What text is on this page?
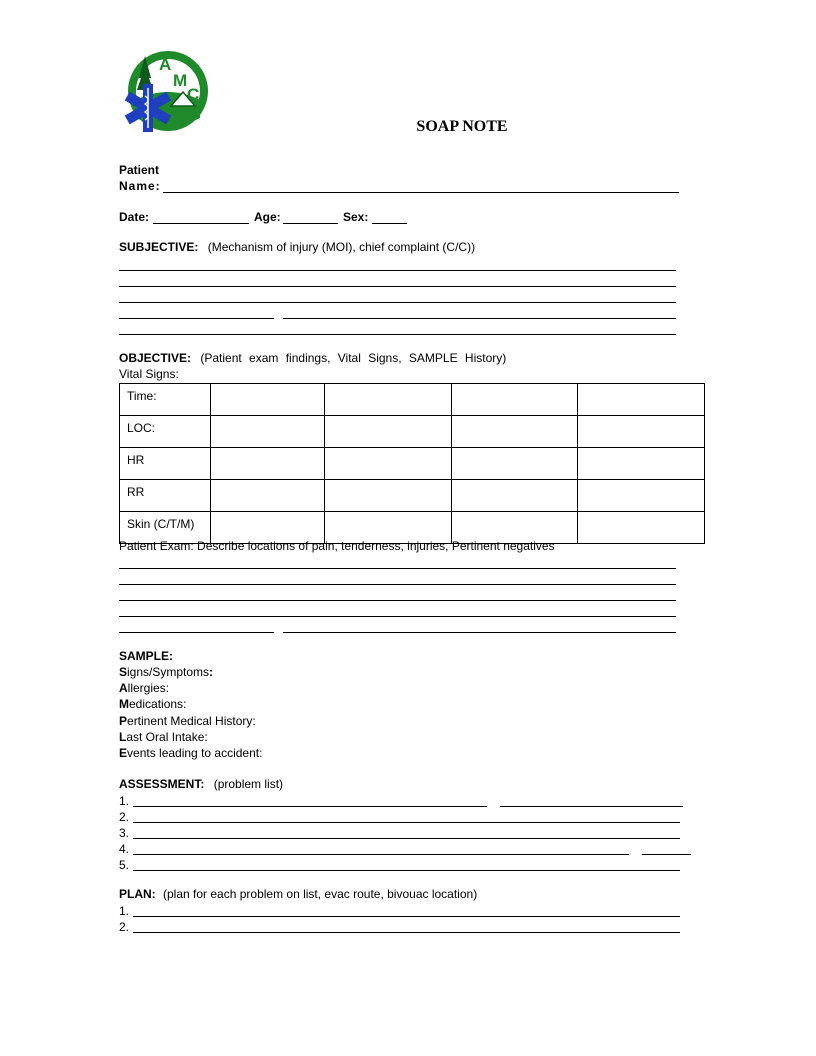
A
M
C
SOAP NOTE
Patient
Name:
Date:	Age:	Sex:
SUBJECTIVE: (Mechanism of injury (MOI), chief complaint (C/C))
OBJECTIVE: (Patient exam findings, Vital Signs, SAMPLE History)
Vital Signs:
Time:				
LOC:				
HR				
RR				
Skin (C/T/M)				
Patient Exam: Describe locations of pain, tenderness, injuries, Pertinent negatives
SAMPLE:
Signs/Symptoms:
Allergies:
Medications:
Pertinent Medical History:
Last Oral Intake:
Events leading to accident:
ASSESSMENT: (problem list)
1.
2.
3.
4.
5.
PLAN: (plan for each problem on list, evac route, bivouac location)
1.
2.
